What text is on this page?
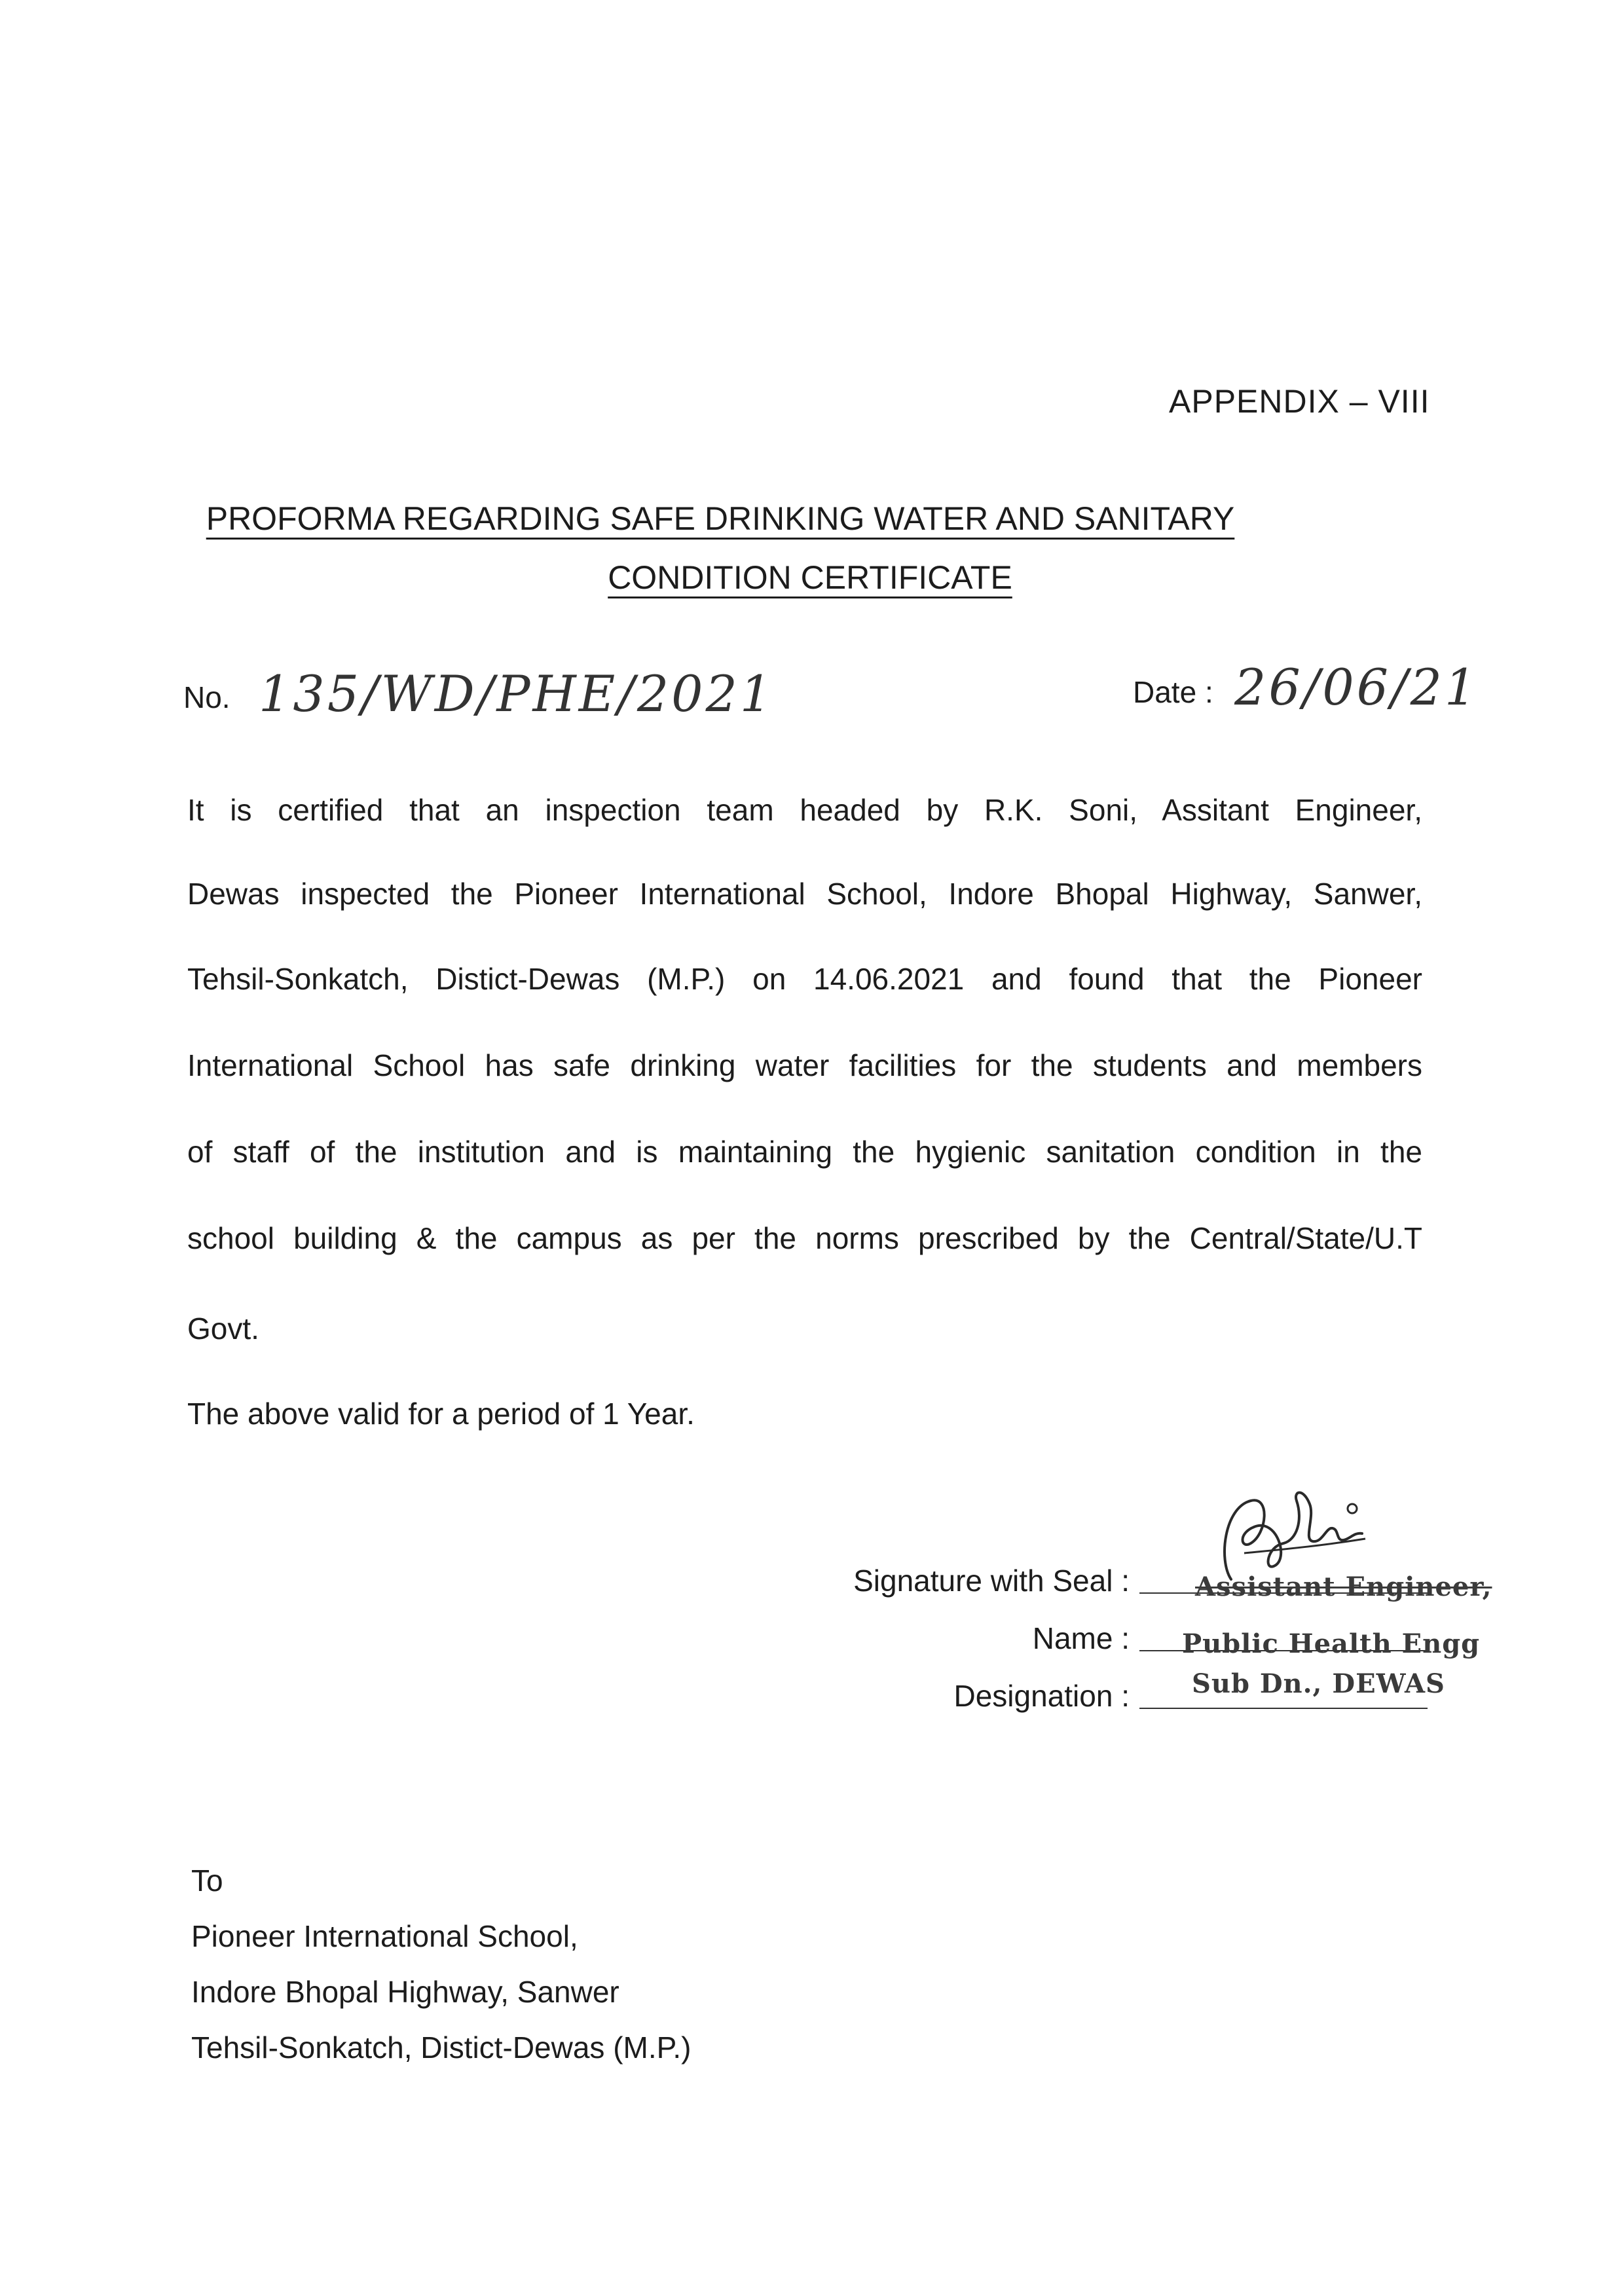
APPENDIX – VIII
PROFORMA REGARDING SAFE DRINKING WATER AND SANITARY
CONDITION CERTIFICATE
No. 135/WD/PHE/2021	Date : 26/06/21
It is certified that an inspection team headed by R.K. Soni, Assitant Engineer,
Dewas inspected the Pioneer International School, Indore Bhopal Highway, Sanwer,
Tehsil-Sonkatch, Distict-Dewas (M.P.) on 14.06.2021 and found that the Pioneer
International School has safe drinking water facilities for the students and members
of staff of the institution and is maintaining the hygienic sanitation condition in the
school building & the campus as per the norms prescribed by the Central/State/U.T
Govt.
The above valid for a period of 1 Year.
Signature with Seal :
Name :
Designation :
Assistant Engineer,
Public Health Engg
Sub Dn., DEWAS
To
Pioneer International School,
Indore Bhopal Highway, Sanwer
Tehsil-Sonkatch, Distict-Dewas (M.P.)
